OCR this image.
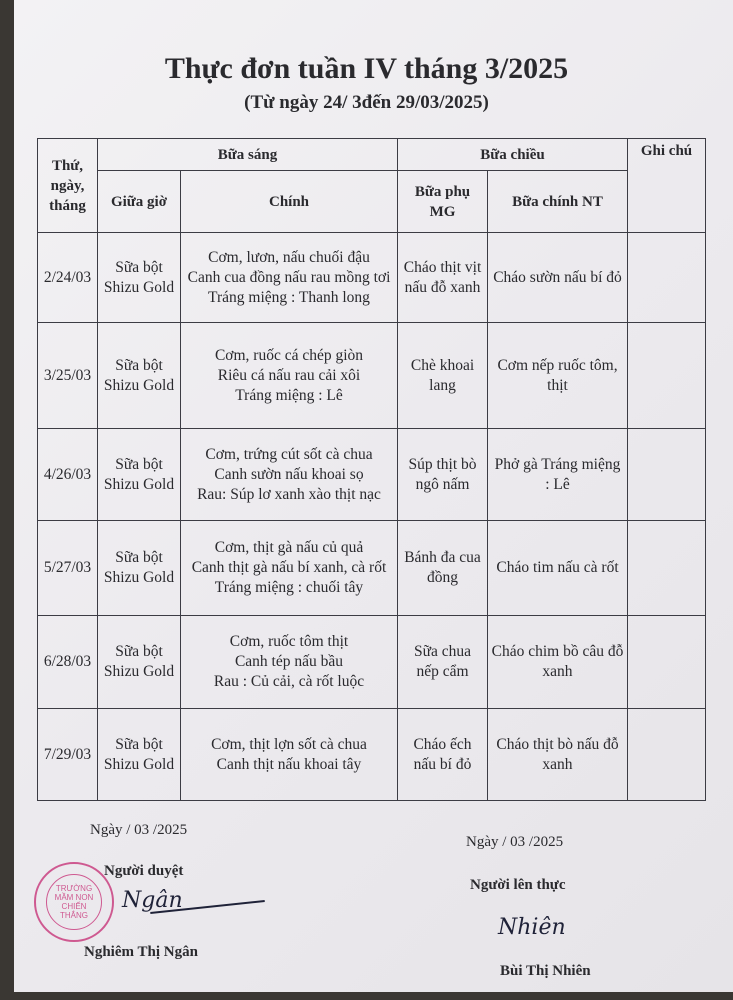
Thực đơn tuần IV tháng 3/2025
(Từ ngày 24/ 3đến 29/03/2025)
Thứ, ngày, tháng	Bữa sáng		Bữa chiều		Ghi chú
	Giữa giờ	Chính	Bữa phụ MG	Bữa chính NT	
2/24/03	Sữa bột Shizu Gold	Cơm, lươn, nấu chuối đậu
Canh cua đồng nấu rau mồng tơi
Tráng miệng : Thanh long	Cháo thịt vịt nấu đỗ xanh	Cháo sườn nấu bí đỏ	
3/25/03	Sữa bột Shizu Gold	Cơm, ruốc cá chép giòn
Riêu cá nấu rau cải xôi
Tráng miệng : Lê	Chè khoai lang	Cơm nếp ruốc tôm, thịt	
4/26/03	Sữa bột Shizu Gold	Cơm, trứng cút sốt cà chua
Canh sườn nấu khoai sọ
Rau: Súp lơ xanh xào thịt nạc	Súp thịt bò ngô nấm	Phở gà Tráng miệng : Lê	
5/27/03	Sữa bột Shizu Gold	Cơm, thịt gà nấu củ quả
Canh thịt gà nấu bí xanh, cà rốt
Tráng miệng : chuối tây	Bánh đa cua đồng	Cháo tim nấu cà rốt	
6/28/03	Sữa bột Shizu Gold	Cơm, ruốc tôm thịt
Canh tép nấu bầu
Rau : Củ cải, cà rốt luộc	Sữa chua nếp cẩm	Cháo chim bồ câu đỗ xanh	
7/29/03	Sữa bột Shizu Gold	Cơm, thịt lợn sốt cà chua
Canh thịt nấu khoai tây	Cháo ếch nấu bí đỏ	Cháo thịt bò nấu đỗ xanh	
Ngày / 03 /2025
Người duyệt
TRƯỜNG
MẦM NON
CHIẾN THẮNG
Ngân
Nghiêm Thị Ngân
Ngày / 03 /2025
Người lên thực
Nhiên
Bùi Thị Nhiên
